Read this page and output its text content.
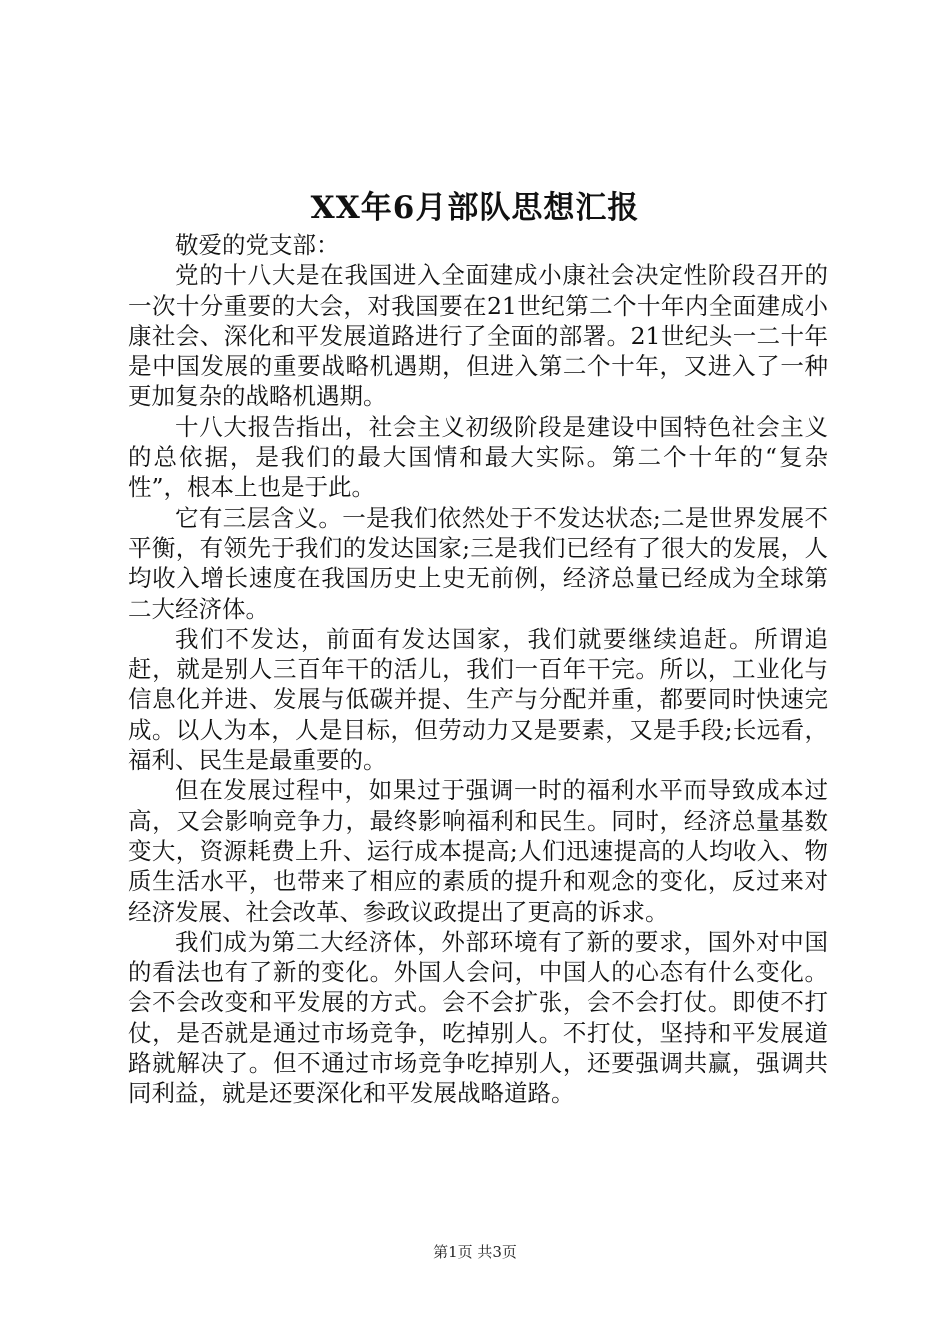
XX年6月部队思想汇报

敬爱的党支部：

党的十八大是在我国进入全面建成小康社会决定性阶段召开的一次十分重要的大会，对我国要在21世纪第二个十年内全面建成小康社会、深化和平发展道路进行了全面的部署。21世纪头一二十年是中国发展的重要战略机遇期，但进入第二个十年，又进入了一种更加复杂的战略机遇期。

十八大报告指出，社会主义初级阶段是建设中国特色社会主义的总依据，是我们的最大国情和最大实际。第二个十年的“复杂性”，根本上也是于此。

它有三层含义。一是我们依然处于不发达状态;二是世界发展不平衡，有领先于我们的发达国家;三是我们已经有了很大的发展，人均收入增长速度在我国历史上史无前例，经济总量已经成为全球第二大经济体。

我们不发达，前面有发达国家，我们就要继续追赶。所谓追赶，就是别人三百年干的活儿，我们一百年干完。所以，工业化与信息化并进、发展与低碳并提、生产与分配并重，都要同时快速完成。以人为本，人是目标，但劳动力又是要素，又是手段;长远看，福利、民生是最重要的。

但在发展过程中，如果过于强调一时的福利水平而导致成本过高，又会影响竞争力，最终影响福利和民生。同时，经济总量基数变大，资源耗费上升、运行成本提高;人们迅速提高的人均收入、物质生活水平，也带来了相应的素质的提升和观念的变化，反过来对经济发展、社会改革、参政议政提出了更高的诉求。

我们成为第二大经济体，外部环境有了新的要求，国外对中国的看法也有了新的变化。外国人会问，中国人的心态有什么变化。会不会改变和平发展的方式。会不会扩张，会不会打仗。即使不打仗，是否就是通过市场竞争，吃掉别人。不打仗，坚持和平发展道路就解决了。但不通过市场竞争吃掉别人，还要强调共赢，强调共同利益，就是还要深化和平发展战略道路。

第1页 共3页
